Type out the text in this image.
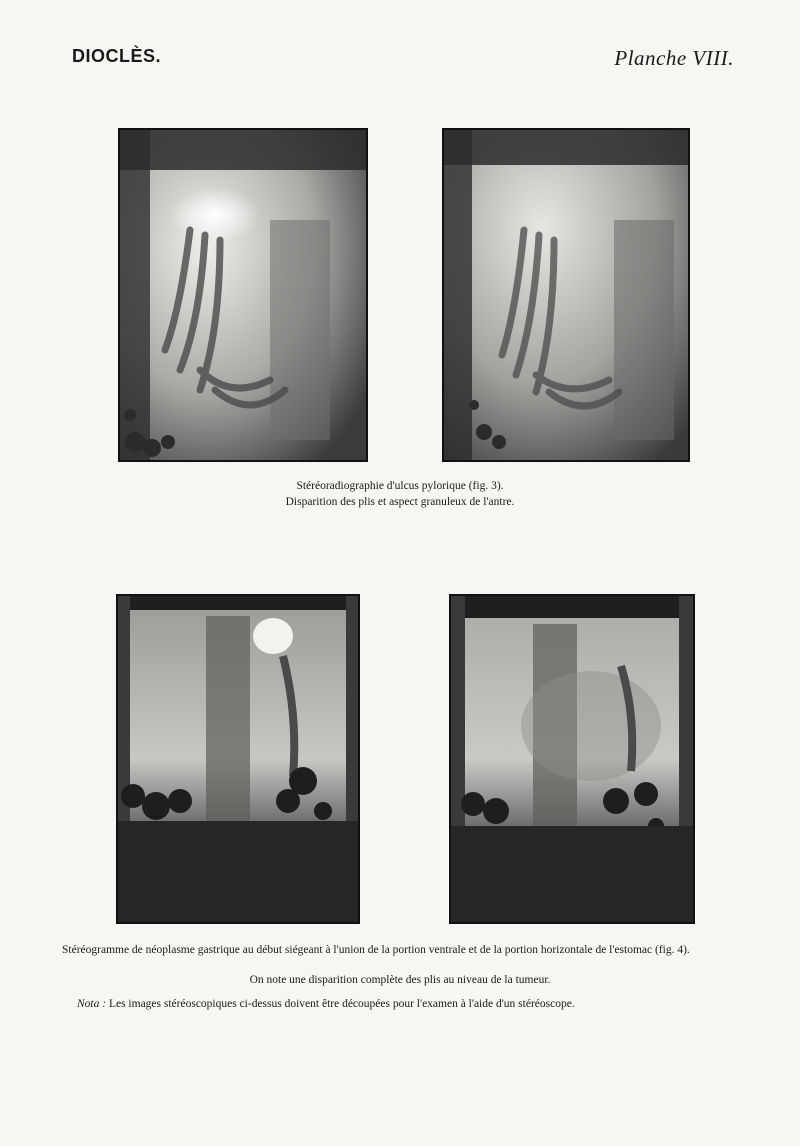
DIOCLÈS.	Planche VIII.
Stéréoradiographie d'ulcus pylorique (fig. 3).
Disparition des plis et aspect granuleux de l'antre.
Stéréogramme de néoplasme gastrique au début siégeant à l'union de la portion ventrale et de la portion horizontale de l'estomac (fig. 4).
On note une disparition complète des plis au niveau de la tumeur.
Nota : Les images stéréoscopiques ci-dessus doivent être découpées pour l'examen à l'aide d'un stéréoscope.
